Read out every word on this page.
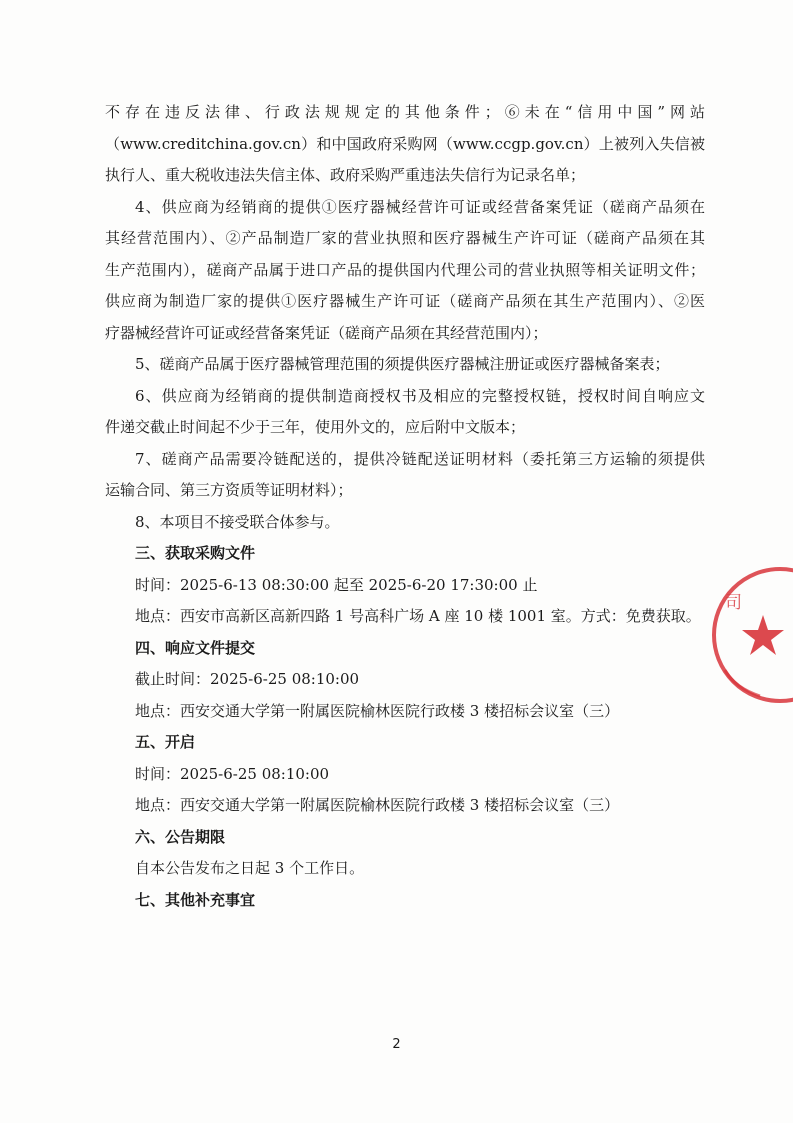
不存在违反法律、行政法规规定的其他条件；⑥未在“信用中国”网站
（www.creditchina.gov.cn）和中国政府采购网（www.ccgp.gov.cn）上被列入失信被
执行人、重大税收违法失信主体、政府采购严重违法失信行为记录名单；
4、供应商为经销商的提供①医疗器械经营许可证或经营备案凭证（磋商产品须在
其经营范围内）、②产品制造厂家的营业执照和医疗器械生产许可证（磋商产品须在其
生产范围内），磋商产品属于进口产品的提供国内代理公司的营业执照等相关证明文件；
供应商为制造厂家的提供①医疗器械生产许可证（磋商产品须在其生产范围内）、②医
疗器械经营许可证或经营备案凭证（磋商产品须在其经营范围内）；
5、磋商产品属于医疗器械管理范围的须提供医疗器械注册证或医疗器械备案表；
6、供应商为经销商的提供制造商授权书及相应的完整授权链，授权时间自响应文
件递交截止时间起不少于三年，使用外文的，应后附中文版本；
7、磋商产品需要冷链配送的，提供冷链配送证明材料（委托第三方运输的须提供
运输合同、第三方资质等证明材料）；
8、本项目不接受联合体参与。
三、获取采购文件
时间：2025-6-13 08:30:00 起至 2025-6-20 17:30:00 止
地点：西安市高新区高新四路 1 号高科广场 A 座 10 楼 1001 室。方式：免费获取。
四、响应文件提交
截止时间：2025-6-25 08:10:00
地点：西安交通大学第一附属医院榆林医院行政楼 3 楼招标会议室（三）
五、开启
时间：2025-6-25 08:10:00
地点：西安交通大学第一附属医院榆林医院行政楼 3 楼招标会议室（三）
六、公告期限
自本公告发布之日起 3 个工作日。
七、其他补充事宜
司
2
